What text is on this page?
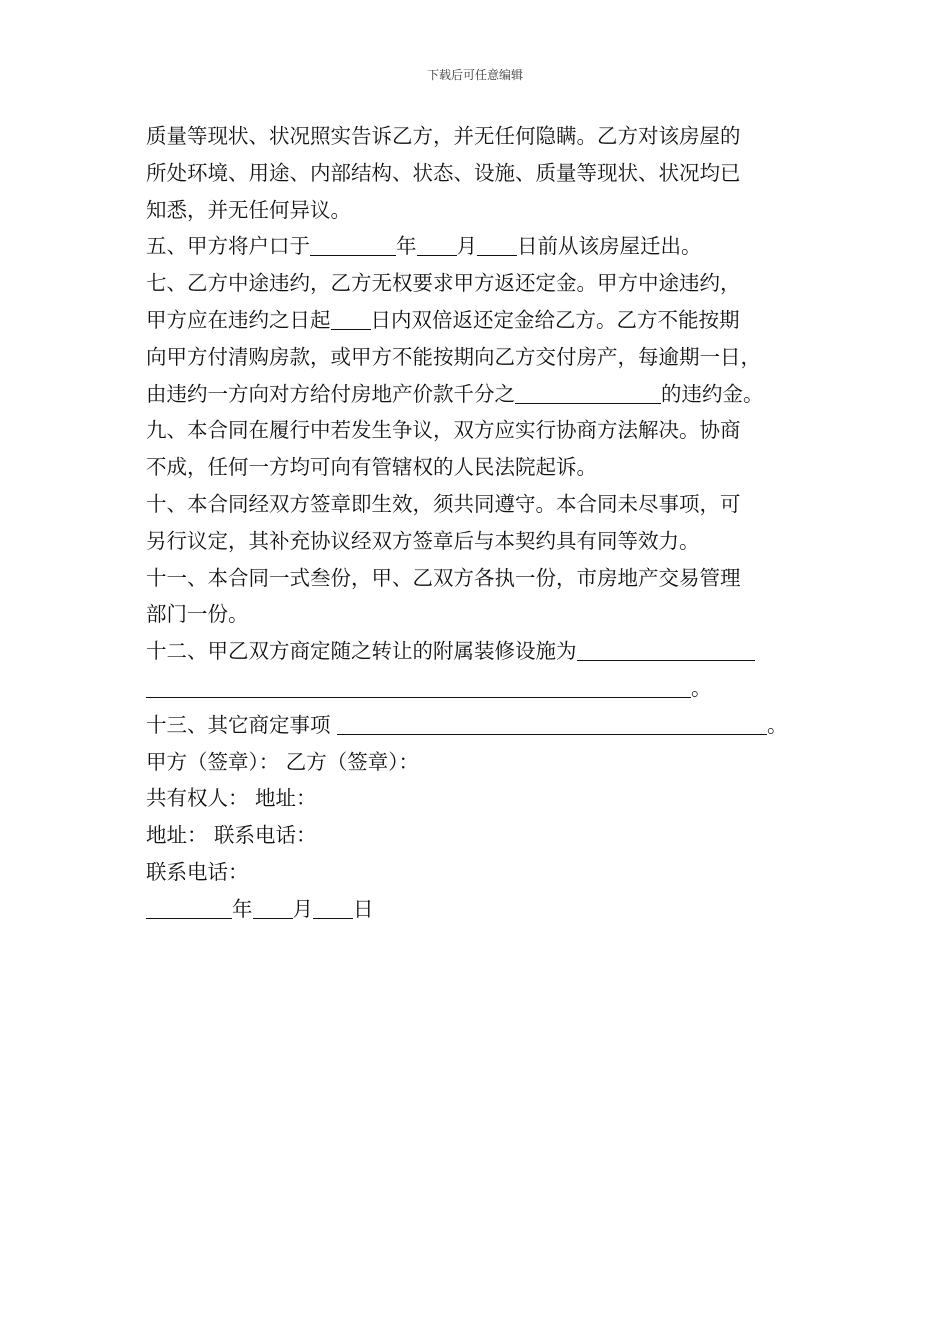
下载后可任意编辑

质量等现状、状况照实告诉乙方，并无任何隐瞒。乙方对该房屋的

所处环境、用途、内部结构、状态、设施、质量等现状、状况均已

知悉，并无任何异议。

五、甲方将户口于	年 月 日前从该房屋迁出。

七、乙方中途违约，乙方无权要求甲方返还定金。甲方中途违约，

甲方应在违约之日起 日内双倍返还定金给乙方。乙方不能按期

向甲方付清购房款，或甲方不能按期向乙方交付房产，每逾期一日，

由违约一方向对方给付房地产价款千分之	的违约金。

九、本合同在履行中若发生争议，双方应实行协商方法解决。协商

不成，任何一方均可向有管辖权的人民法院起诉。

十、本合同经双方签章即生效，须共同遵守。本合同未尽事项，可

另行议定，其补充协议经双方签章后与本契约具有同等效力。

十一、本合同一式叁份，甲、乙双方各执一份，市房地产交易管理

部门一份。

十二、甲乙双方商定随之转让的附属装修设施为

。

十三、其它商定事项	。

甲方（签章）： 乙方（签章）：

共有权人： 地址：

地址： 联系电话：

联系电话：

年 月 日
